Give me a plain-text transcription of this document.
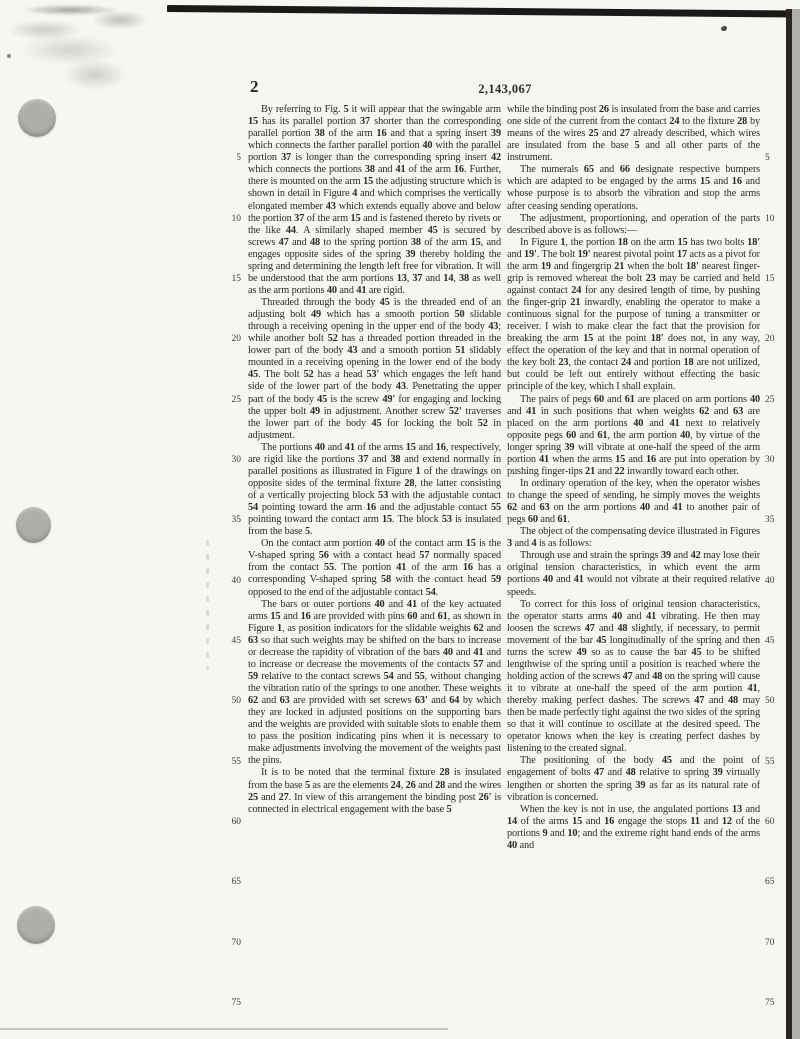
2	2,143,067
5
10
15
20
25
30
35
40
45
50
55
60
65
70
75
5
10
15
20
25
30
35
40
45
50
55
60
65
70
75

By referring to Fig. 5 it will appear that the swingable arm 15 has its parallel portion 37 shorter than the corresponding parallel portion 38 of the arm 16 and that a spring insert 39 which connects the farther parallel portion 40 with the parallel portion 37 is longer than the corresponding spring insert 42 which connects the portions 38 and 41 of the arm 16. Further, there is mounted on the arm 15 the adjusting structure which is shown in detail in Figure 4 and which comprises the vertically elongated member 43 which extends equally above and below the portion 37 of the arm 15 and is fastened thereto by rivets or the like 44. A similarly shaped member 45 is secured by screws 47 and 48 to the spring portion 38 of the arm 15, and engages opposite sides of the spring 39 thereby holding the spring and determining the length left free for vibration. It will be understood that the arm portions 13, 37 and 14, 38 as well as the arm portions 40 and 41 are rigid.

Threaded through the body 45 is the threaded end of an adjusting bolt 49 which has a smooth portion 50 slidable through a receiving opening in the upper end of the body 43; while another bolt 52 has a threaded portion threaded in the lower part of the body 43 and a smooth portion 51 slidably mounted in a receiving opening in the lower end of the body 45. The bolt 52 has a head 53' which engages the left hand side of the lower part of the body 43. Penetrating the upper part of the body 45 is the screw 49' for engaging and locking the upper bolt 49 in adjustment. Another screw 52' traverses the lower part of the body 45 for locking the bolt 52 in adjustment.

The portions 40 and 41 of the arms 15 and 16, respectively, are rigid like the portions 37 and 38 and extend normally in parallel positions as illustrated in Figure 1 of the drawings on opposite sides of the terminal fixture 28, the latter consisting of a vertically projecting block 53 with the adjustable contact 54 pointing toward the arm 16 and the adjustable contact 55 pointing toward the contact arm 15. The block 53 is insulated from the base 5.

On the contact arm portion 40 of the contact arm 15 is the V-shaped spring 56 with a contact head 57 normally spaced from the contact 55. The portion 41 of the arm 16 has a corresponding V-shaped spring 58 with the contact head 59 opposed to the end of the adjustable contact 54.

The bars or outer portions 40 and 41 of the key actuated arms 15 and 16 are provided with pins 60 and 61, as shown in Figure 1, as position indicators for the slidable weights 62 and 63 so that such weights may be shifted on the bars to increase or decrease the rapidity of vibration of the bars 40 and 41 and to increase or decrease the movements of the contacts 57 and 59 relative to the contact screws 54 and 55, without changing the vibration ratio of the springs to one another. These weights 62 and 63 are provided with set screws 63' and 64 by which they are locked in adjusted positions on the supporting bars and the weights are provided with suitable slots to enable them to pass the position indicating pins when it is necessary to make adjustments involving the movement of the weights past the pins.

It is to be noted that the terminal fixture 28 is insulated from the base 5 as are the elements 24, 26 and 28 and the wires 25 and 27. In view of this arrangement the binding post 26' is connected in electrical engagement with the base 5

while the binding post 26 is insulated from the base and carries one side of the current from the contact 24 to the fixture 28 by means of the wires 25 and 27 already described, which wires are insulated from the base 5 and all other parts of the instrument.

The numerals 65 and 66 designate respective bumpers which are adapted to be engaged by the arms 15 and 16 and whose purpose is to absorb the vibration and stop the arms after ceasing sending operations.

The adjustment, proportioning, and operation of the parts described above is as follows:—

In Figure 1, the portion 18 on the arm 15 has two bolts 18' and 19'. The bolt 19' nearest pivotal point 17 acts as a pivot for the arm 19 and fingergrip 21 when the bolt 18' nearest finger-grip is removed whereat the bolt 23 may be carried and held against contact 24 for any desired length of time, by pushing the finger-grip 21 inwardly, enabling the operator to make a continuous signal for the purpose of tuning a transmitter or receiver. I wish to make clear the fact that the provision for breaking the arm 15 at the point 18' does not, in any way, effect the operation of the key and that in normal operation of the key bolt 23, the contact 24 and portion 18 are not utilized, but could be left out entirely without effecting the basic principle of the key, which I shall explain.

The pairs of pegs 60 and 61 are placed on arm portions 40 and 41 in such positions that when weights 62 and 63 are placed on the arm portions 40 and 41 next to relatively opposite pegs 60 and 61, the arm portion 40, by virtue of the longer spring 39 will vibrate at one-half the speed of the arm portion 41 when the arms 15 and 16 are put into operation by pushing finger-tips 21 and 22 inwardly toward each other.

In ordinary operation of the key, when the operator wishes to change the speed of sending, he simply moves the weights 62 and 63 on the arm portions 40 and 41 to another pair of pegs 60 and 61.

The object of the compensating device illustrated in Figures 3 and 4 is as follows:

Through use and strain the springs 39 and 42 may lose their original tension characteristics, in which event the arm portions 40 and 41 would not vibrate at their required relative speeds.

To correct for this loss of original tension characteristics, the operator starts arms 40 and 41 vibrating. He then may loosen the screws 47 and 48 slightly, if necessary, to permit movement of the bar 45 longitudinally of the spring and then turns the screw 49 so as to cause the bar 45 to be shifted lengthwise of the spring until a position is reached where the holding action of the screws 47 and 48 on the spring will cause it to vibrate at one-half the speed of the arm portion 41, thereby making perfect dashes. The screws 47 and 48 may then be made perfectly tight against the two sides of the spring so that it will continue to oscillate at the desired speed. The operator knows when the key is creating perfect dashes by listening to the created signal.

The positioning of the body 45 and the point of engagement of bolts 47 and 48 relative to spring 39 virtually lengthen or shorten the spring 39 as far as its natural rate of vibration is concerned.

When the key is not in use, the angulated portions 13 and 14 of the arms 15 and 16 engage the stops 11 and 12 of the portions 9 and 10; and the extreme right hand ends of the arms 40 and
